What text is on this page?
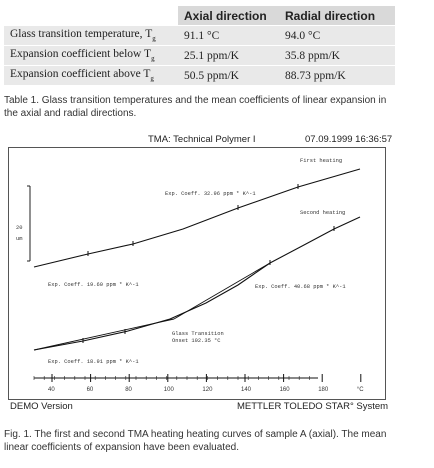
	Axial direction	Radial direction
Glass transition temperature, $T_g$	91.1 °C	94.0 °C
Expansion coefficient below $T_g$	25.1 ppm/K	35.8 ppm/K
Expansion coefficient above $T_g$	50.5 ppm/K	88.73 ppm/K
Table 1. Glass transition temperatures and the mean coefficients of linear expansion in the axial and radial directions.
TMA: Technical Polymer I	07.09.1999 16:36:57
20
um
First heating
Second heating
Exp. Coeff. 32.96 ppm * K^-1
Exp. Coeff. 19.60 ppm * K^-1	Exp. Coeff. 40.68 ppm * K^-1
Exp. Coeff. 18.91 ppm * K^-1
Glass Transition
Onset 102.35 °C
40	60	80	100	120	140	160	180	°C
DEMO Version	METTLER TOLEDO STAR° System
Fig. 1. The first and second TMA heating heating curves of sample A (axial). The mean linear coefficients of expansion have been evaluated.
